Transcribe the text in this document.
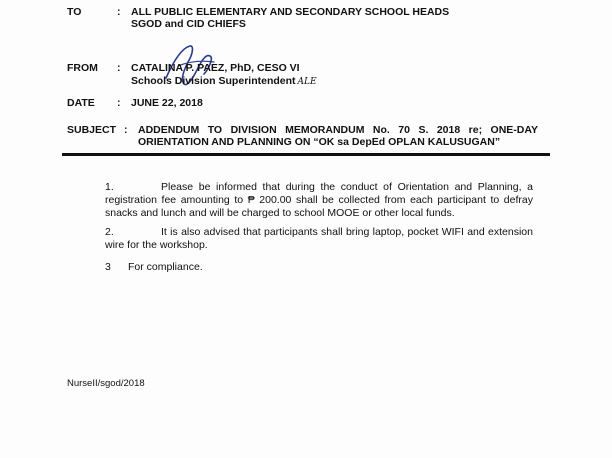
TO	: ALL PUBLIC ELEMENTARY AND SECONDARY SCHOOL HEADS
SGOD and CID CHIEFS
FROM	: CATALINA P. PAEZ, PhD, CESO VI
Schools Division Superintendent ALE
DATE	: JUNE 22, 2018
SUBJECT : ADDENDUM TO DIVISION MEMORANDUM No. 70 S. 2018 re; ONE-DAY
ORIENTATION AND PLANNING ON “OK sa DepEd OPLAN KALUSUGAN”
1.	Please be informed that during the conduct of Orientation and Planning, a registration fee amounting to ₱ 200.00 shall be collected from each participant to defray snacks and lunch and will be charged to school MOOE or other local funds.
2.	It is also advised that participants shall bring laptop, pocket WIFI and extension wire for the workshop.
3 For compliance.
NurseII/sgod/2018
